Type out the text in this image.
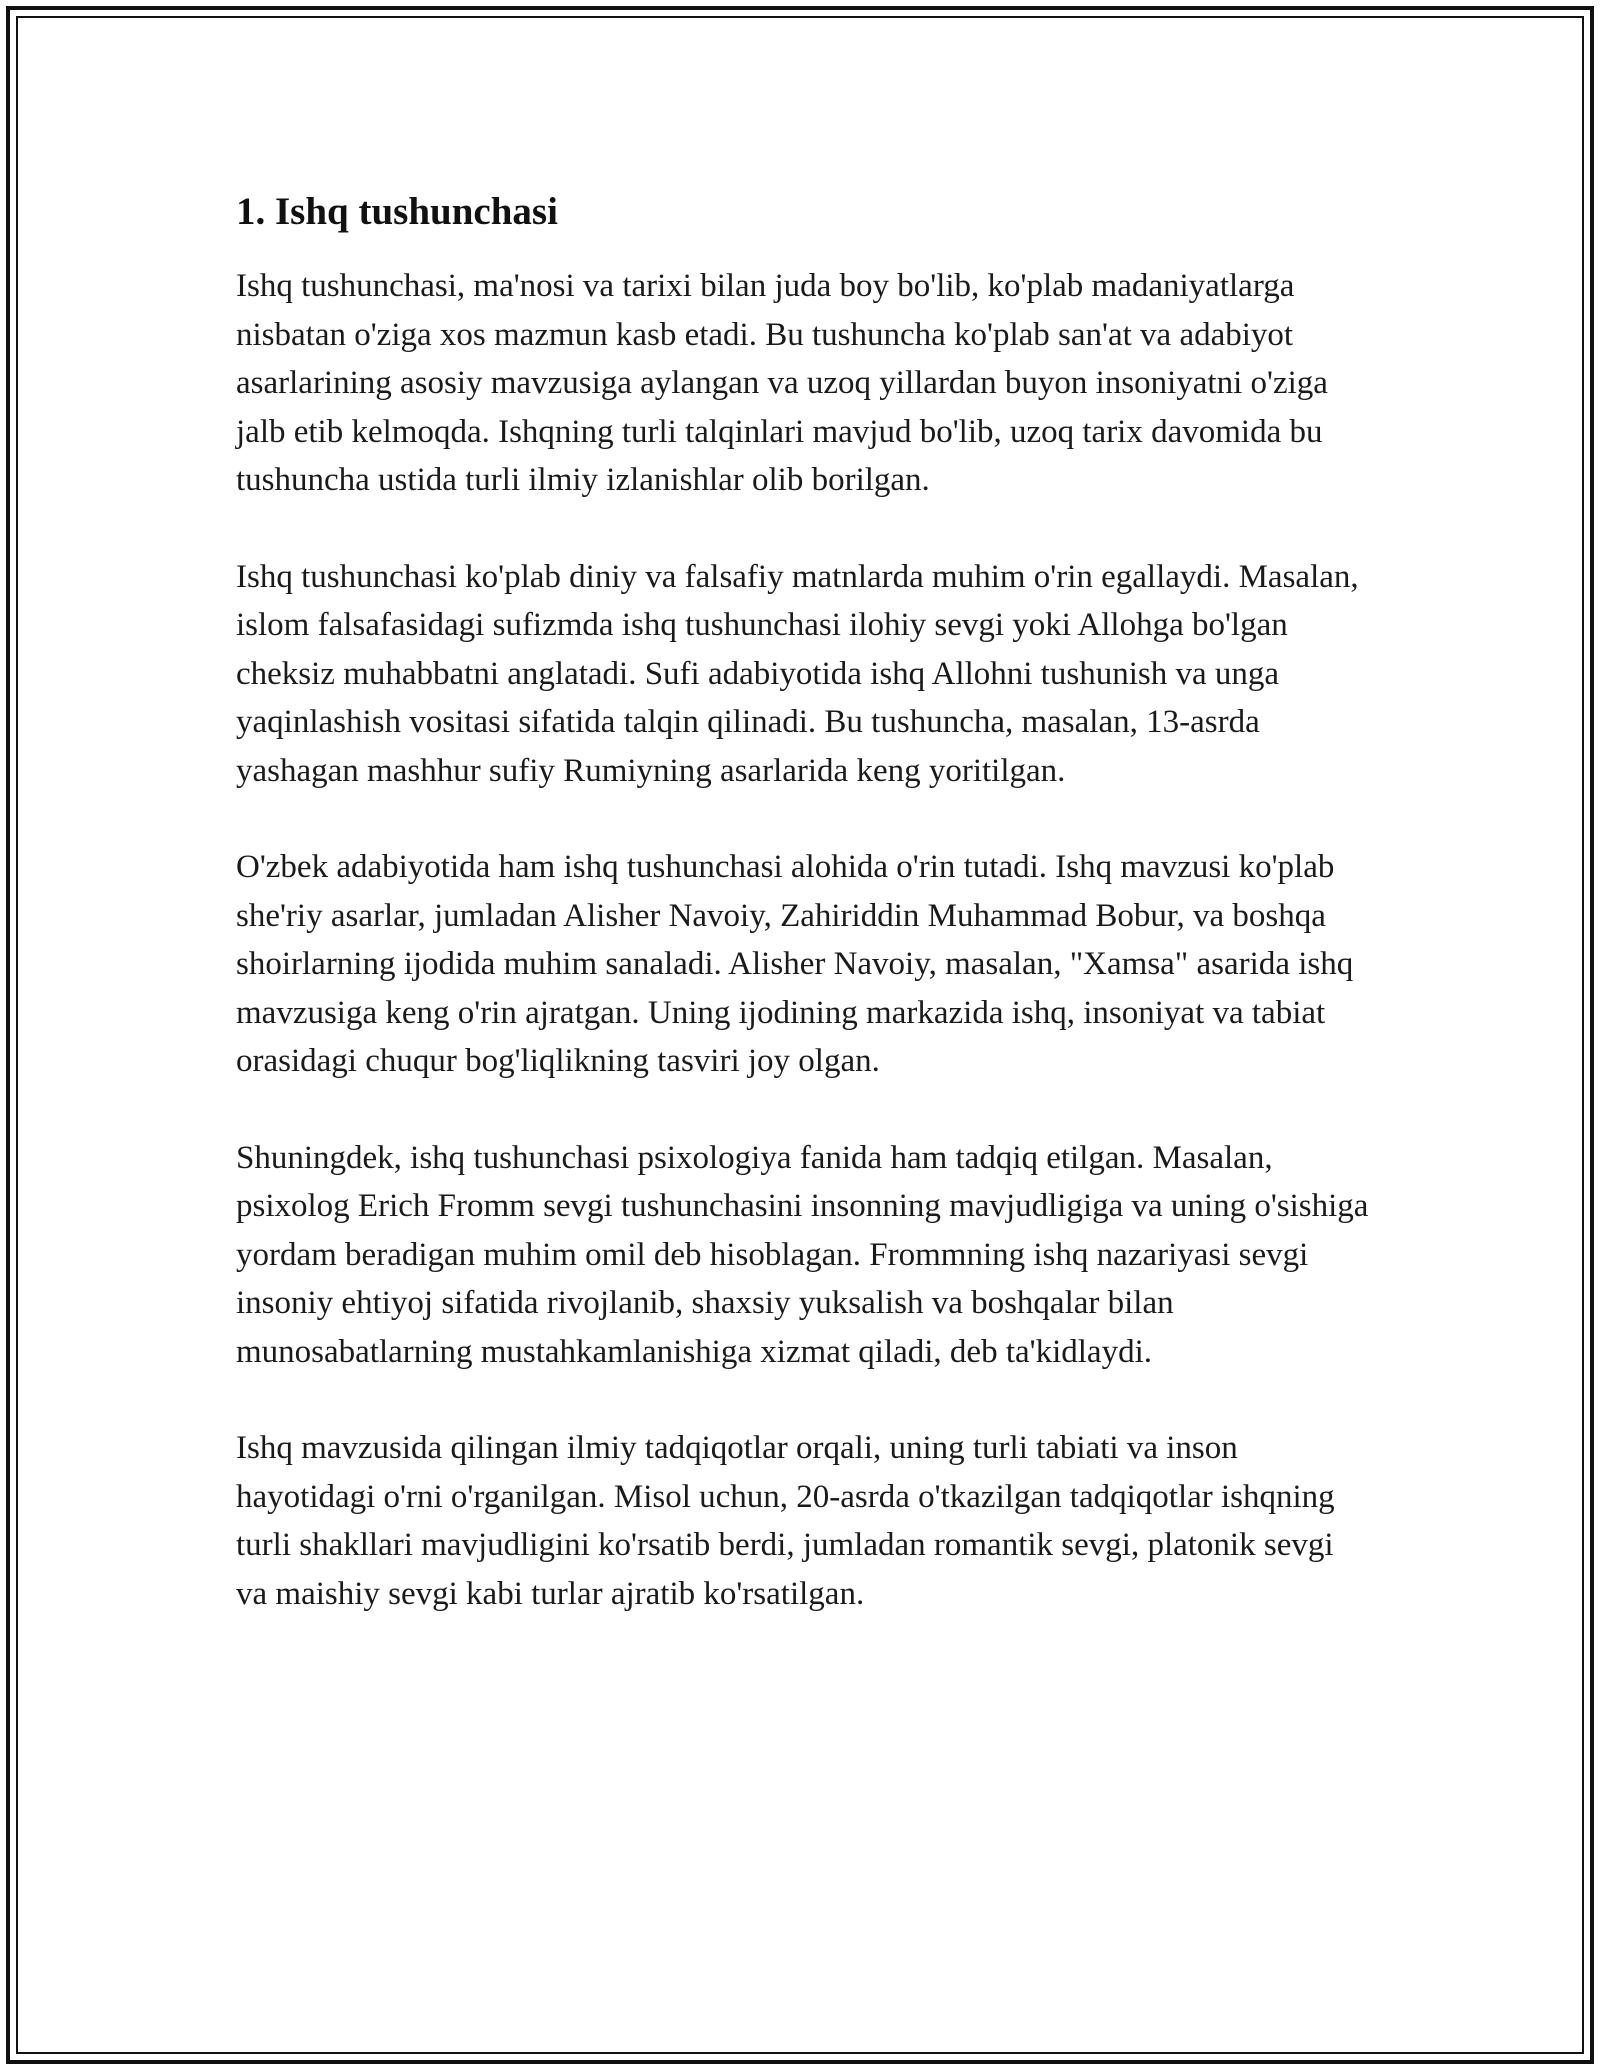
1. Ishq tushunchasi

Ishq tushunchasi, ma'nosi va tarixi bilan juda boy bo'lib, ko'plab madaniyatlarga nisbatan o'ziga xos mazmun kasb etadi. Bu tushuncha ko'plab san'at va adabiyot asarlarining asosiy mavzusiga aylangan va uzoq yillardan buyon insoniyatni o'ziga jalb etib kelmoqda. Ishqning turli talqinlari mavjud bo'lib, uzoq tarix davomida bu tushuncha ustida turli ilmiy izlanishlar olib borilgan.

Ishq tushunchasi ko'plab diniy va falsafiy matnlarda muhim o'rin egallaydi. Masalan, islom falsafasidagi sufizmda ishq tushunchasi ilohiy sevgi yoki Allohga bo'lgan cheksiz muhabbatni anglatadi. Sufi adabiyotida ishq Allohni tushunish va unga yaqinlashish vositasi sifatida talqin qilinadi. Bu tushuncha, masalan, 13-asrda yashagan mashhur sufiy Rumiyning asarlarida keng yoritilgan.

O'zbek adabiyotida ham ishq tushunchasi alohida o'rin tutadi. Ishq mavzusi ko'plab she'riy asarlar, jumladan Alisher Navoiy, Zahiriddin Muhammad Bobur, va boshqa shoirlarning ijodida muhim sanaladi. Alisher Navoiy, masalan, "Xamsa" asarida ishq mavzusiga keng o'rin ajratgan. Uning ijodining markazida ishq, insoniyat va tabiat orasidagi chuqur bog'liqlikning tasviri joy olgan.

Shuningdek, ishq tushunchasi psixologiya fanida ham tadqiq etilgan. Masalan, psixolog Erich Fromm sevgi tushunchasini insonning mavjudligiga va uning o'sishiga yordam beradigan muhim omil deb hisoblagan. Frommning ishq nazariyasi sevgi insoniy ehtiyoj sifatida rivojlanib, shaxsiy yuksalish va boshqalar bilan munosabatlarning mustahkamlanishiga xizmat qiladi, deb ta'kidlaydi.

Ishq mavzusida qilingan ilmiy tadqiqotlar orqali, uning turli tabiati va inson hayotidagi o'rni o'rganilgan. Misol uchun, 20-asrda o'tkazilgan tadqiqotlar ishqning turli shakllari mavjudligini ko'rsatib berdi, jumladan romantik sevgi, platonik sevgi va maishiy sevgi kabi turlar ajratib ko'rsatilgan.
